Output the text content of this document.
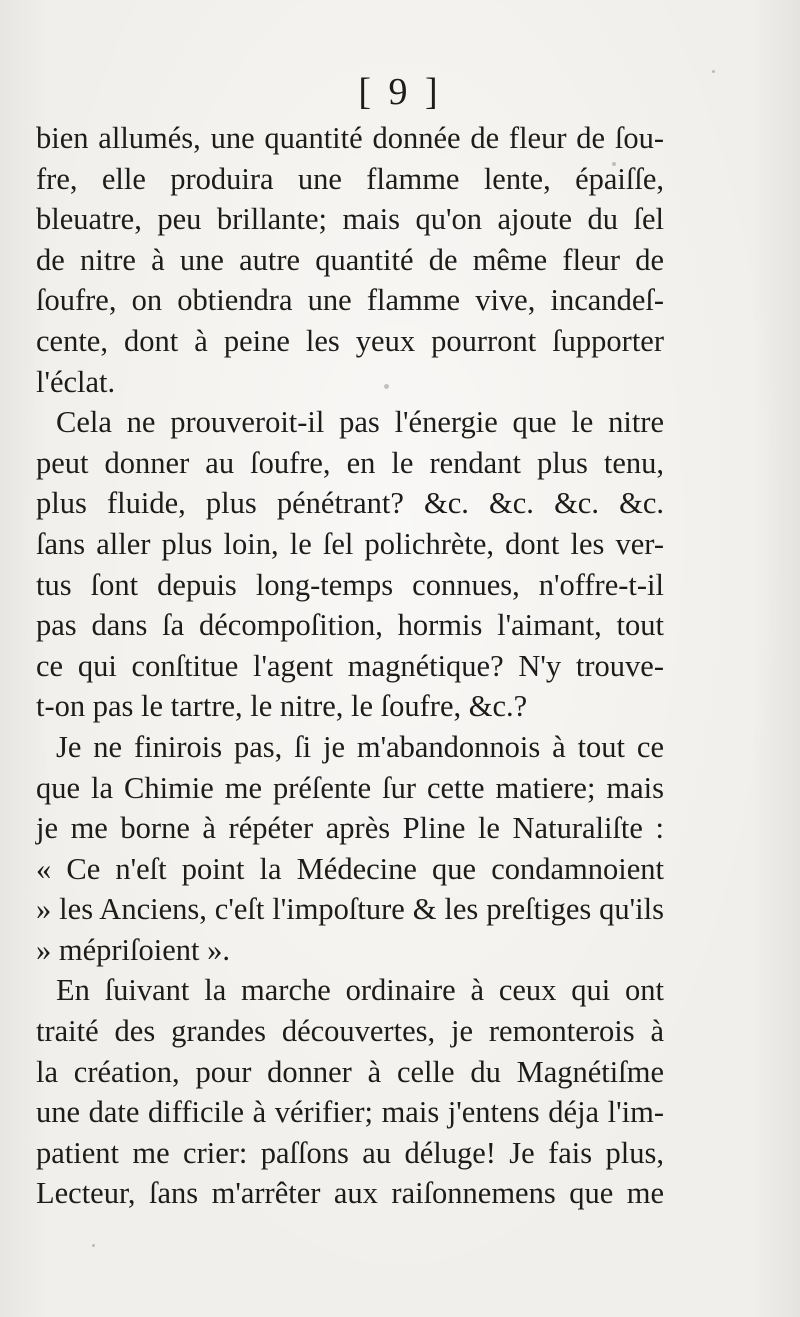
[ 9 ]
bien allumés, une quantité donnée de fleur de ſou-
fre, elle produira une flamme lente, épaiſſe,
bleuatre, peu brillante; mais qu'on ajoute du ſel
de nitre à une autre quantité de même fleur de
ſoufre, on obtiendra une flamme vive, incandeſ-
cente, dont à peine les yeux pourront ſupporter
l'éclat.
Cela ne prouveroit-il pas l'énergie que le nitre
peut donner au ſoufre, en le rendant plus tenu,
plus fluide, plus pénétrant? &c. &c. &c. &c.
ſans aller plus loin, le ſel polichrète, dont les ver-
tus ſont depuis long-temps connues, n'offre-t-il
pas dans ſa décompoſition, hormis l'aimant, tout
ce qui conſtitue l'agent magnétique? N'y trouve-
t-on pas le tartre, le nitre, le ſoufre, &c.?
Je ne finirois pas, ſi je m'abandonnois à tout ce
que la Chimie me préſente ſur cette matiere; mais
je me borne à répéter après Pline le Naturaliſte :
« Ce n'eſt point la Médecine que condamnoient
» les Anciens, c'eſt l'impoſture & les preſtiges qu'ils
» mépriſoient ».
En ſuivant la marche ordinaire à ceux qui ont
traité des grandes découvertes, je remonterois à
la création, pour donner à celle du Magnétiſme
une date difficile à vérifier; mais j'entens déja l'im-
patient me crier: paſſons au déluge! Je fais plus,
Lecteur, ſans m'arrêter aux raiſonnemens que me
